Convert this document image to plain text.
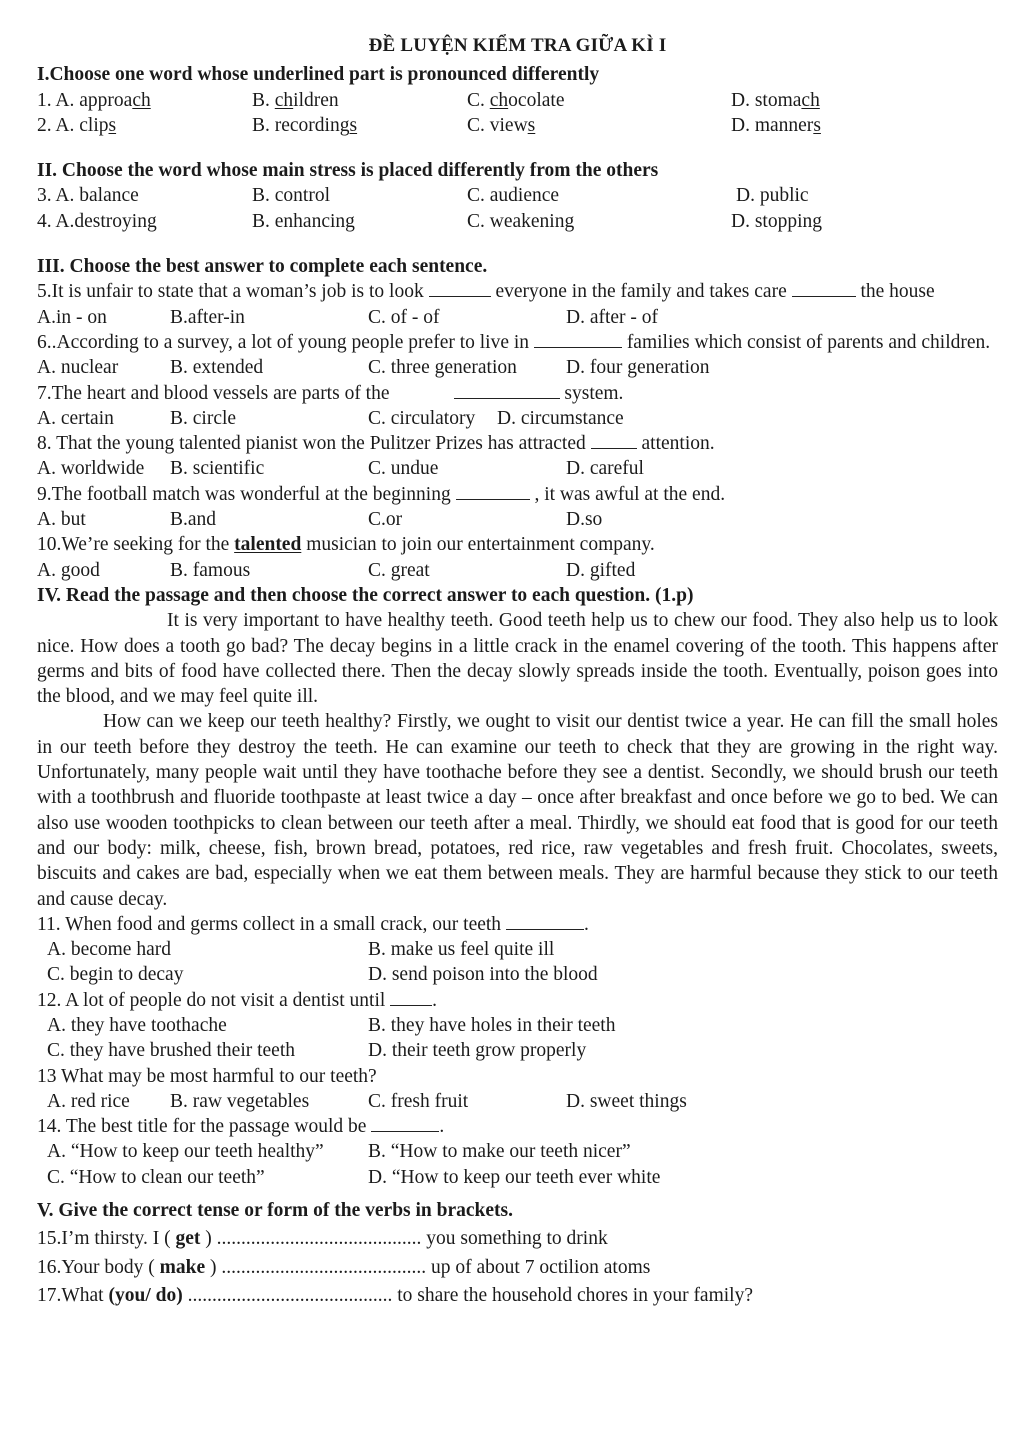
ĐỀ LUYỆN KIỂM TRA GIỮA KÌ I
I.Choose one word whose underlined part is pronounced differently
1. A. approach	B. children	C. chocolate	D. stomach
2. A. clips	B. recordings	C. views	D. manners
II. Choose the word whose main stress is placed differently from the others
3. A. balance	B. control	C. audience	D. public
4. A.destroying	B. enhancing	C. weakening	D. stopping
III. Choose the best answer to complete each sentence.
5.It is unfair to state that a woman’s job is to look	everyone in the family and takes care	the house
A.in - on	B.after-in	C. of - of	D. after - of
6..According to a survey, a lot of young people prefer to live in	families which consist of parents and children.
A. nuclear	B. extended	C. three generation	D. four generation
7.The heart and blood vessels are parts of the	system.
A. certain	B. circle	C. circulatory D. circumstance
8. That the young talented pianist won the Pulitzer Prizes has attracted  attention.
A. worldwide B. scientific	C. undue	D. careful
9.The football match was wonderful at the beginning	, it was awful at the end.
A. but	B.and	C.or	D.so
10.We’re seeking for the talented musician to join our entertainment company.
A. good	B. famous	C. great	D. gifted
IV. Read the passage and then choose the correct answer to each question. (1.p)
It is very important to have healthy teeth. Good teeth help us to chew our food. They also help us to look nice. How does a tooth go bad? The decay begins in a little crack in the enamel covering of the tooth. This happens after germs and bits of food have collected there. Then the decay slowly spreads inside the tooth. Eventually, poison goes into the blood, and we may feel quite ill.
How can we keep our teeth healthy? Firstly, we ought to visit our dentist twice a year. He can fill the small holes in our teeth before they destroy the teeth. He can examine our teeth to check that they are growing in the right way. Unfortunately, many people wait until they have toothache before they see a dentist. Secondly, we should brush our teeth with a toothbrush and fluoride toothpaste at least twice a day – once after breakfast and once before we go to bed. We can also use wooden toothpicks to clean between our teeth after a meal. Thirdly, we should eat food that is good for our teeth and our body: milk, cheese, fish, brown bread, potatoes, red rice, raw vegetables and fresh fruit. Chocolates, sweets, biscuits and cakes are bad, especially when we eat them between meals. They are harmful because they stick to our teeth and cause decay.
11. When food and germs collect in a small crack, our teeth	.
A. become hard	B. make us feel quite ill
C. begin to decay	D. send poison into the blood
12. A lot of people do not visit a dentist until .
A. they have toothache	B. they have holes in their teeth
C. they have brushed their teeth	D. their teeth grow properly
13 What may be most harmful to our teeth?
A. red rice B. raw vegetables	C. fresh fruit	D. sweet things
14. The best title for the passage would be	.
A. “How to keep our teeth healthy” B. “How to make our teeth nicer”
C. “How to clean our teeth”	D. “How to keep our teeth ever white
V. Give the correct tense or form of the verbs in brackets.
15.I’m thirsty. I ( get ) .......................................... you something to drink
16.Your body ( make ) .......................................... up of about 7 octilion atoms
17.What (you/ do) .......................................... to share the household chores in your family?
